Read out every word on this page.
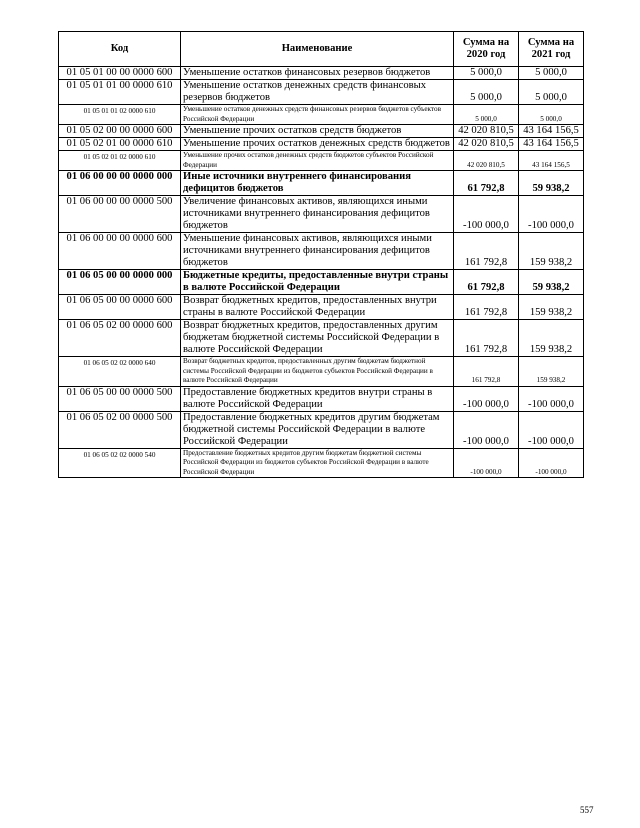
Код	Наименование	Сумма на 2020 год	Сумма на 2021 год
01 05 01 00 00 0000 600	Уменьшение остатков финансовых резервов бюджетов	5 000,0	5 000,0
01 05 01 01 00 0000 610	Уменьшение остатков денежных средств финансовых резервов бюджетов	5 000,0	5 000,0
01 05 01 01 02 0000 610	Уменьшение остатков денежных средств финансовых резервов бюджетов субъектов Российской Федерации	5 000,0	5 000,0
01 05 02 00 00 0000 600	Уменьшение прочих остатков средств бюджетов	42 020 810,5	43 164 156,5
01 05 02 01 00 0000 610	Уменьшение прочих остатков денежных средств бюджетов	42 020 810,5	43 164 156,5
01 05 02 01 02 0000 610	Уменьшение прочих остатков денежных средств бюджетов субъектов Российской Федерации	42 020 810,5	43 164 156,5
01 06 00 00 00 0000 000	Иные источники внутреннего финансирования дефицитов бюджетов	61 792,8	59 938,2
01 06 00 00 00 0000 500	Увеличение финансовых активов, являющихся иными источниками внутреннего финансирования дефицитов бюджетов	-100 000,0	-100 000,0
01 06 00 00 00 0000 600	Уменьшение финансовых активов, являющихся иными источниками внутреннего финансирования дефицитов бюджетов	161 792,8	159 938,2
01 06 05 00 00 0000 000	Бюджетные кредиты, предоставленные внутри страны в валюте Российской Федерации	61 792,8	59 938,2
01 06 05 00 00 0000 600	Возврат бюджетных кредитов, предоставленных внутри страны в валюте Российской Федерации	161 792,8	159 938,2
01 06 05 02 00 0000 600	Возврат бюджетных кредитов, предоставленных другим бюджетам бюджетной системы Российской Федерации в валюте Российской Федерации	161 792,8	159 938,2
01 06 05 02 02 0000 640	Возврат бюджетных кредитов, предоставленных другим бюджетам бюджетной системы Российской Федерации из бюджетов субъектов Российской Федерации в валюте Российской Федерации	161 792,8	159 938,2
01 06 05 00 00 0000 500	Предоставление бюджетных кредитов внутри страны в валюте Российской Федерации	-100 000,0	-100 000,0
01 06 05 02 00 0000 500	Предоставление бюджетных кредитов другим бюджетам бюджетной системы Российской Федерации в валюте Российской Федерации	-100 000,0	-100 000,0
01 06 05 02 02 0000 540	Предоставление бюджетных кредитов другим бюджетам бюджетной системы Российской Федерации из бюджетов субъектов Российской Федерации в валюте Российской Федерации	-100 000,0	-100 000,0
557
